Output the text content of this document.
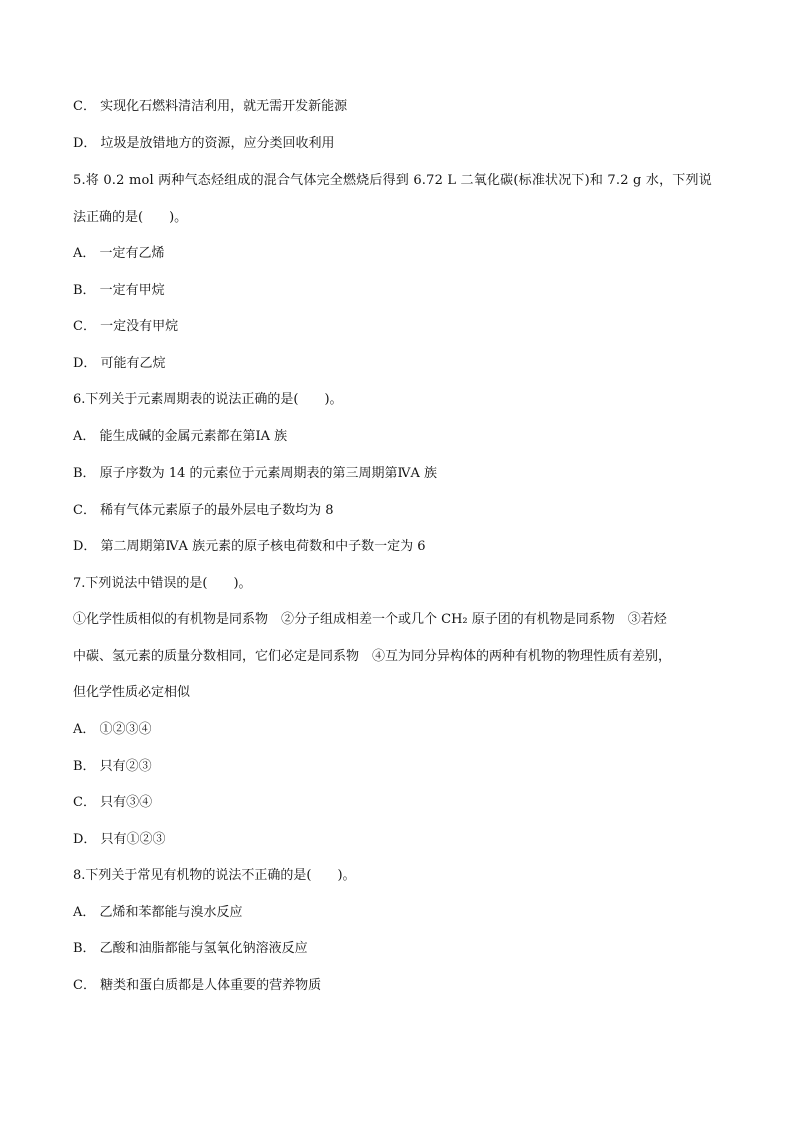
C． 实现化石燃料清洁利用，就无需开发新能源
D． 垃圾是放错地方的资源，应分类回收利用
5.将 0.2 mol 两种气态烃组成的混合气体完全燃烧后得到 6.72 L 二氧化碳(标准状况下)和 7.2 g 水，下列说
法正确的是(　　)。
A． 一定有乙烯
B． 一定有甲烷
C． 一定没有甲烷
D． 可能有乙烷
6.下列关于元素周期表的说法正确的是(　　)。
A． 能生成碱的金属元素都在第ⅠA 族
B． 原子序数为 14 的元素位于元素周期表的第三周期第ⅣA 族
C． 稀有气体元素原子的最外层电子数均为 8
D． 第二周期第ⅣA 族元素的原子核电荷数和中子数一定为 6
7.下列说法中错误的是(　　)。
①化学性质相似的有机物是同系物　②分子组成相差一个或几个 CH₂ 原子团的有机物是同系物　③若烃
中碳、氢元素的质量分数相同，它们必定是同系物　④互为同分异构体的两种有机物的物理性质有差别，
但化学性质必定相似
A． ①②③④
B． 只有②③
C． 只有③④
D． 只有①②③
8.下列关于常见有机物的说法不正确的是(　　)。
A． 乙烯和苯都能与溴水反应
B． 乙酸和油脂都能与氢氧化钠溶液反应
C． 糖类和蛋白质都是人体重要的营养物质
